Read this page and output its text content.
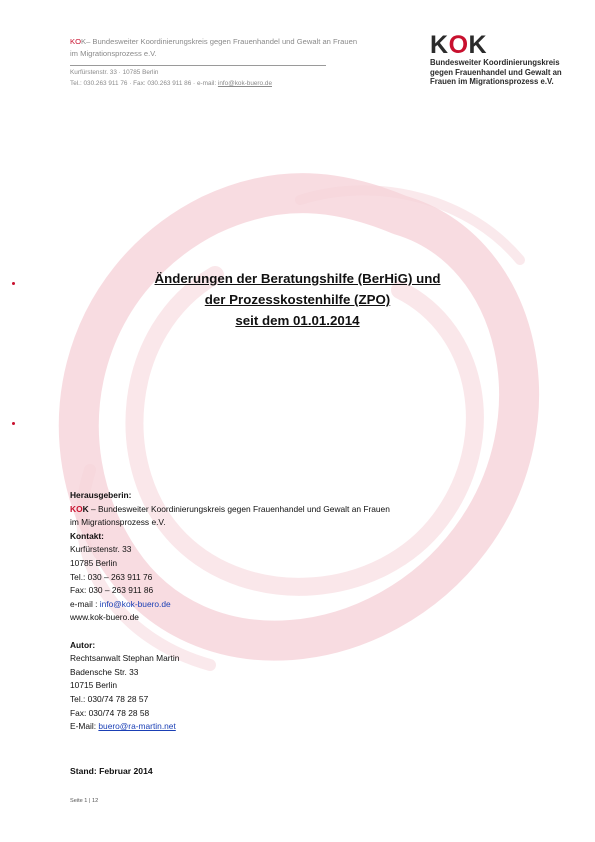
KOK– Bundesweiter Koordinierungskreis gegen Frauenhandel und Gewalt an Frauen
im Migrationsprozess e.V.
Kurfürstenstr. 33 · 10785 Berlin
Tel.: 030.263 911 76 · Fax: 030.263 911 86 · e-mail: info@kok-buero.de
KOK
Bundesweiter Koordinierungskreis
gegen Frauenhandel und Gewalt an
Frauen im Migrationsprozess e.V.
Änderungen der Beratungshilfe (BerHiG) und
der Prozesskostenhilfe (ZPO)
seit dem 01.01.2014
Herausgeberin:
KOK – Bundesweiter Koordinierungskreis gegen Frauenhandel und Gewalt an Frauen
im Migrationsprozess e.V.
Kontakt:
Kurfürstenstr. 33
10785 Berlin
Tel.: 030 – 263 911 76
Fax: 030 – 263 911 86
e-mail : info@kok-buero.de
www.kok-buero.de
Autor:
Rechtsanwalt Stephan Martin
Badensche Str. 33
10715 Berlin
Tel.: 030/74 78 28 57
Fax: 030/74 78 28 58
E-Mail: buero@ra-martin.net
Stand: Februar 2014
Seite 1 | 12
